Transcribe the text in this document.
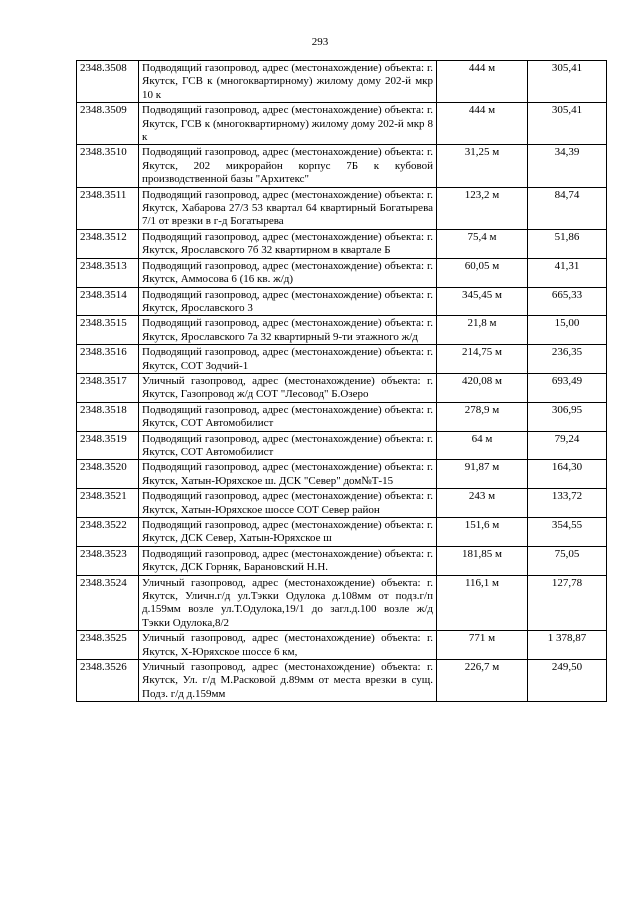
293
2348.3508	Подводящий газопровод, адрес (местонахождение) объекта: г. Якутск, ГСВ к (многоквартирному) жилому дому 202-й мкр 10 к	444 м	305,41
2348.3509	Подводящий газопровод, адрес (местонахождение) объекта: г. Якутск, ГСВ к (многоквартирному) жилому дому 202-й мкр 8 к	444 м	305,41
2348.3510	Подводящий газопровод, адрес (местонахождение) объекта: г. Якутск, 202 микрорайон корпус 7Б к кубовой производственной базы "Архитекс"	31,25 м	34,39
2348.3511	Подводящий газопровод, адрес (местонахождение) объекта: г. Якутск, Хабарова 27/3 53 квартал 64 квартирный Богатырева 7/1 от врезки в г-д Богатырева	123,2 м	84,74
2348.3512	Подводящий газопровод, адрес (местонахождение) объекта: г. Якутск, Ярославского 7б 32 квартирном в квартале Б	75,4 м	51,86
2348.3513	Подводящий газопровод, адрес (местонахождение) объекта: г. Якутск, Аммосова 6 (16 кв. ж/д)	60,05 м	41,31
2348.3514	Подводящий газопровод, адрес (местонахождение) объекта: г. Якутск, Ярославского 3	345,45 м	665,33
2348.3515	Подводящий газопровод, адрес (местонахождение) объекта: г. Якутск, Ярославского 7а 32 квартирный 9-ти этажного ж/д	21,8 м	15,00
2348.3516	Подводящий газопровод, адрес (местонахождение) объекта: г. Якутск, СОТ Зодчий-1	214,75 м	236,35
2348.3517	Уличный газопровод, адрес (местонахождение) объекта: г. Якутск, Газопровод ж/д СОТ "Лесовод" Б.Озеро	420,08 м	693,49
2348.3518	Подводящий газопровод, адрес (местонахождение) объекта: г. Якутск, СОТ Автомобилист	278,9 м	306,95
2348.3519	Подводящий газопровод, адрес (местонахождение) объекта: г. Якутск, СОТ Автомобилист	64 м	79,24
2348.3520	Подводящий газопровод, адрес (местонахождение) объекта: г. Якутск, Хатын-Юряхское ш. ДСК "Север" дом№Т-15	91,87 м	164,30
2348.3521	Подводящий газопровод, адрес (местонахождение) объекта: г. Якутск, Хатын-Юряхское шоссе СОТ Север район	243 м	133,72
2348.3522	Подводящий газопровод, адрес (местонахождение) объекта: г. Якутск, ДСК Север, Хатын-Юряхское ш	151,6 м	354,55
2348.3523	Подводящий газопровод, адрес (местонахождение) объекта: г. Якутск, ДСК Горняк, Барановский Н.Н.	181,85 м	75,05
2348.3524	Уличный газопровод, адрес (местонахождение) объекта: г. Якутск, Уличн.г/д ул.Тэкки Одулока д.108мм от подз.г/п д.159мм возле ул.Т.Одулока,19/1 до загл.д.100 возле ж/д Тэкки Одулока,8/2	116,1 м	127,78
2348.3525	Уличный газопровод, адрес (местонахождение) объекта: г. Якутск, Х-Юряхское шоссе 6 км,	771 м	1 378,87
2348.3526	Уличный газопровод, адрес (местонахождение) объекта: г. Якутск, Ул. г/д М.Расковой д.89мм от места врезки в сущ. Подз. г/д д.159мм	226,7 м	249,50
